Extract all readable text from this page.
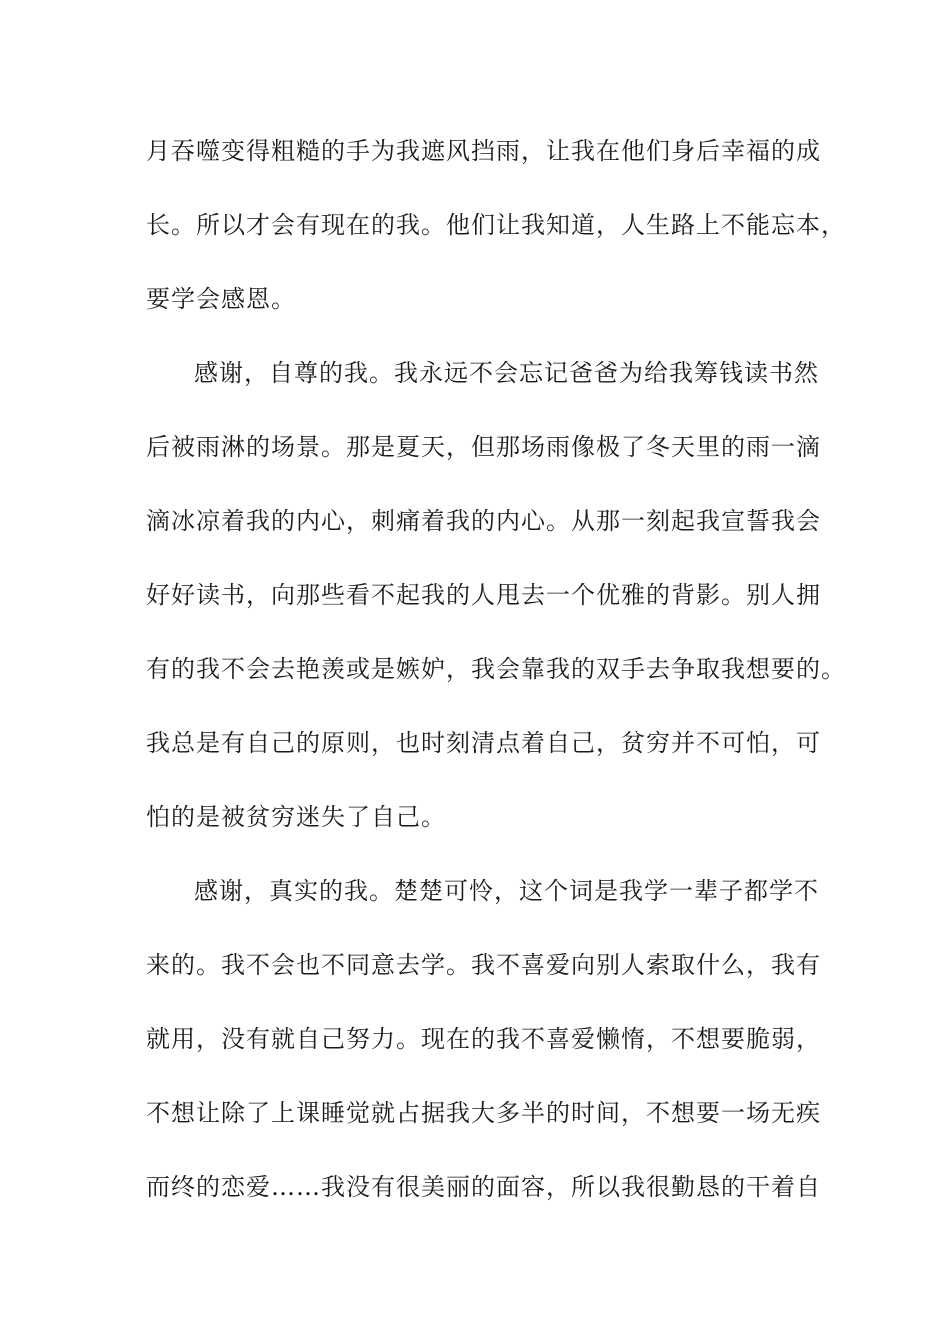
月吞噬变得粗糙的手为我遮风挡雨，让我在他们身后幸福的成
长。所以才会有现在的我。他们让我知道，人生路上不能忘本，
要学会感恩。
感谢，自尊的我。我永远不会忘记爸爸为给我筹钱读书然
后被雨淋的场景。那是夏天，但那场雨像极了冬天里的雨一滴
滴冰凉着我的内心，刺痛着我的内心。从那一刻起我宣誓我会
好好读书，向那些看不起我的人甩去一个优雅的背影。别人拥
有的我不会去艳羡或是嫉妒，我会靠我的双手去争取我想要的。
我总是有自己的原则，也时刻清点着自己，贫穷并不可怕，可
怕的是被贫穷迷失了自己。
感谢，真实的我。楚楚可怜，这个词是我学一辈子都学不
来的。我不会也不同意去学。我不喜爱向别人索取什么，我有
就用，没有就自己努力。现在的我不喜爱懒惰，不想要脆弱，
不想让除了上课睡觉就占据我大多半的时间，不想要一场无疾
而终的恋爱……我没有很美丽的面容，所以我很勤恳的干着自
